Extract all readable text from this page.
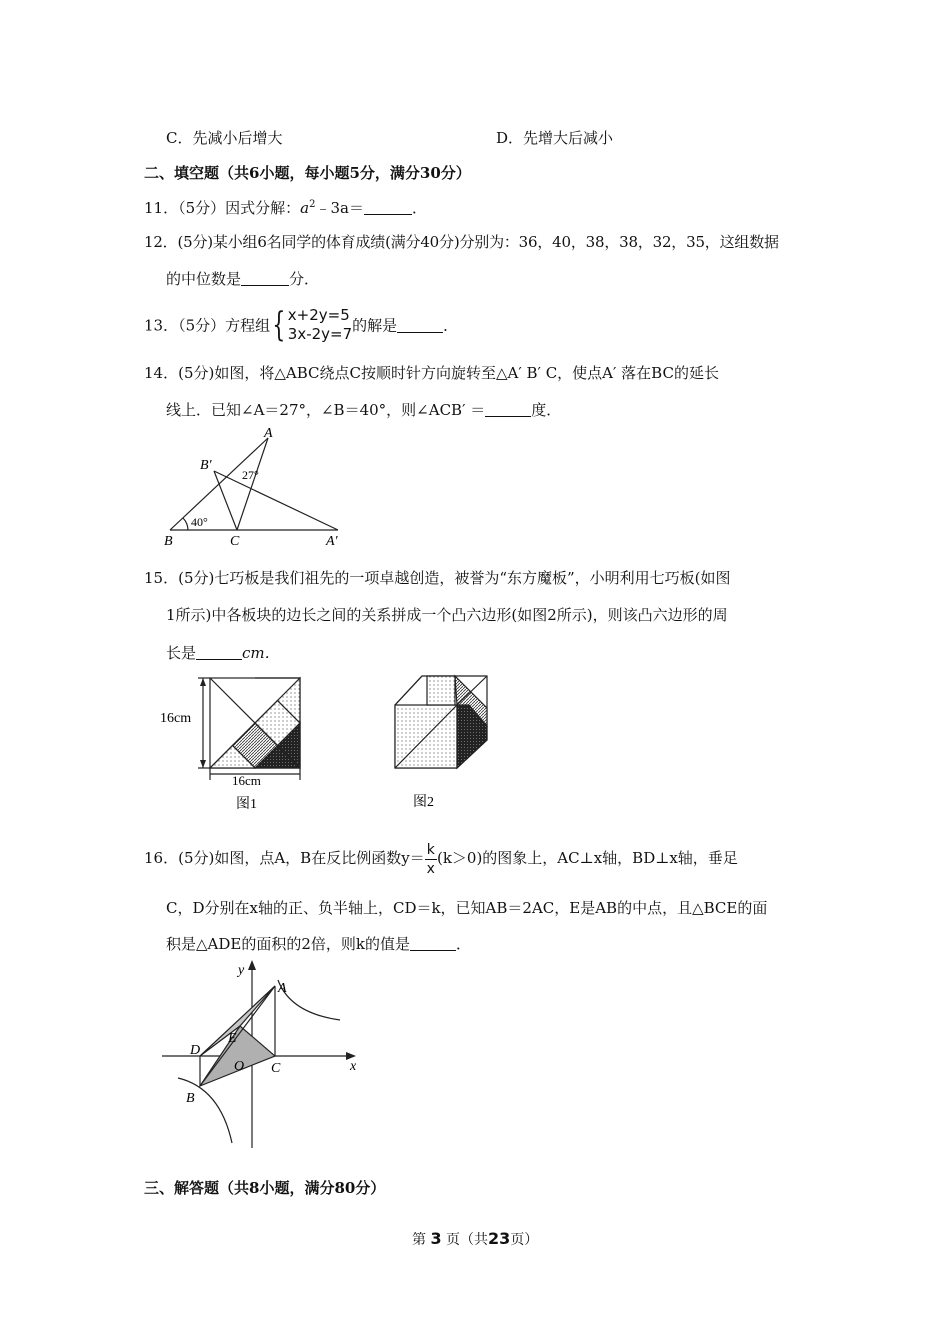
C．先减小后增大	D．先增大后减小
二、填空题（共6小题，每小题5分，满分30分）
11．（5分）因式分解：$a^2﹣3a=$	．
12．(5分)某小组6名同学的体育成绩(满分40分)分别为：36，40，38，38，32，35，这组数据
的中位数是	分．
13．（5分）方程组{ x+2y=5
3x-2y=7 的解是	．
14．(5分)如图，将△ABC绕点C按顺时针方向旋转至△A′ B′ C，使点A′ 落在BC的延长
线上．已知∠A＝27°，∠B＝40°，则∠ACB′ ＝	度．
A
B′
27°
40°
B	C	A′
15．(5分)七巧板是我们祖先的一项卓越创造，被誉为“东方魔板”，小明利用七巧板(如图
1所示)中各板块的边长之间的关系拼成一个凸六边形(如图2所示)，则该凸六边形的周
长是	cm．
16cm
16cm
图1	图2
16．(5分)如图，点A，B在反比例函数$y= \frac{k}{x} (k>0)$的图象上，AC⊥x轴，BD⊥x轴，垂足
C，D分别在x轴的正、负半轴上，CD＝k，已知AB＝2AC，E是AB的中点，且△BCE的面
积是△ADE的面积的2倍，则k的值是	．
y
x
A
D
E
O C
B
三、解答题（共8小题，满分80分）
第 3 页（共23页）
